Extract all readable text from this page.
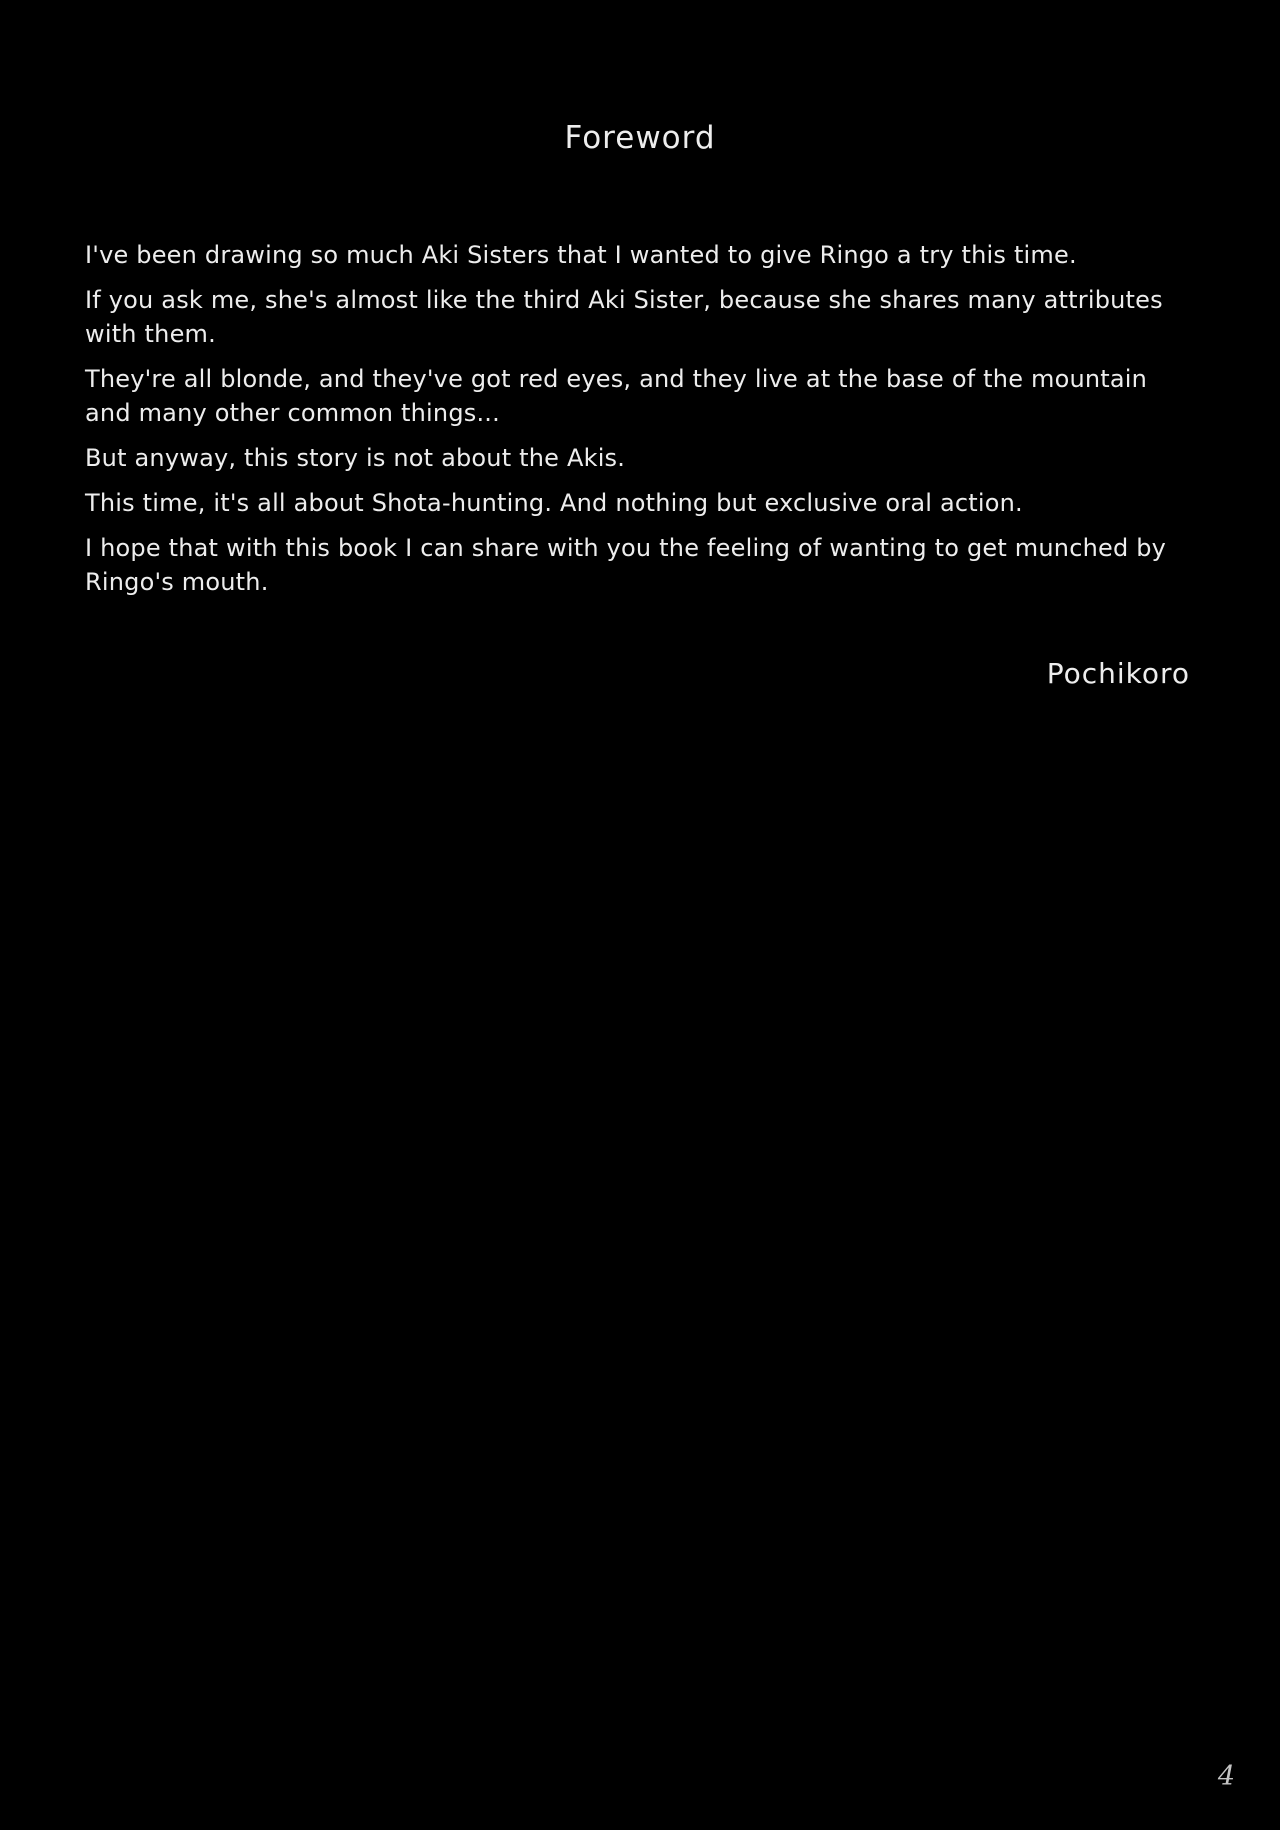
Foreword

I've been drawing so much Aki Sisters that I wanted to give Ringo a try this time.

If you ask me, she's almost like the third Aki Sister, because she shares many attributes with them.

They're all blonde, and they've got red eyes, and they live at the base of the mountain and many other common things...

But anyway, this story is not about the Akis.

This time, it's all about Shota-hunting. And nothing but exclusive oral action.

I hope that with this book I can share with you the feeling of wanting to get munched by Ringo's mouth.

Pochikoro
4
